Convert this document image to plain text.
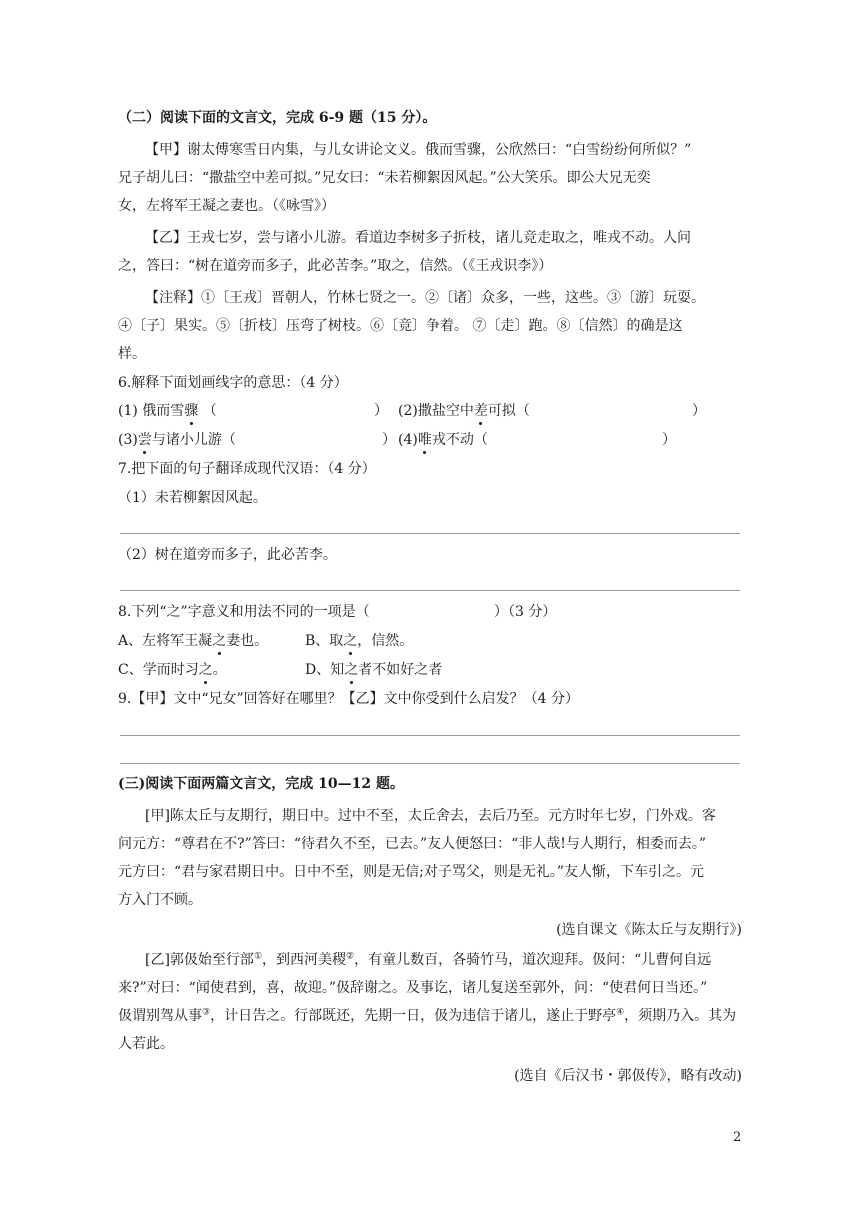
（二）阅读下面的文言文，完成 6-9 题（15 分）。
【甲】谢太傅寒雪日内集，与儿女讲论文义。俄而雪骤，公欣然曰：“白雪纷纷何所似？”
兄子胡儿曰：“撒盐空中差可拟。”兄女曰：“未若柳絮因风起。”公大笑乐。即公大兄无奕
女，左将军王凝之妻也。（《咏雪》）
【乙】王戎七岁，尝与诸小儿游。看道边李树多子折枝，诸儿竞走取之，唯戎不动。人问
之，答曰：“树在道旁而多子，此必苦李。”取之，信然。（《王戎识李》）
【注释】①〔王戎〕晋朝人，竹林七贤之一。②〔诸〕众多，一些，这些。③〔游〕玩耍。
④〔子〕果实。⑤〔折枝〕压弯了树枝。⑥〔竞〕争着。 ⑦〔走〕跑。⑧〔信然〕的确是这
样。
6.解释下面划画线字的意思：（4 分）
(1) 俄而雪骤 （	） (2)撒盐空中差可拟（	）
(3)尝与诸小儿游（	） (4)唯戎不动（	）
7.把下面的句子翻译成现代汉语：（4 分）
（1）未若柳絮因风起。
（2）树在道旁而多子，此必苦李。
8.下列“之”字意义和用法不同的一项是（	）（3 分）
A、左将军王凝之妻也。	B、取之，信然。
C、学而时习之。	D、知之者不如好之者
9.【甲】文中“兄女”回答好在哪里？【乙】文中你受到什么启发？（4 分）
(三)阅读下面两篇文言文，完成 10—12 题。
[甲]陈太丘与友期行，期日中。过中不至，太丘舍去，去后乃至。元方时年七岁，门外戏。客
问元方：“尊君在不?”答曰：“待君久不至，已去。”友人便怒曰：“非人哉!与人期行，相委而去。”
元方曰：“君与家君期日中。日中不至，则是无信;对子骂父，则是无礼。”友人惭，下车引之。元
方入门不顾。
(选自课文《陈太丘与友期行》)
[乙]郭伋始至行部①，到西河美稷②，有童儿数百，各骑竹马，道次迎拜。伋问：“儿曹何自远
来?”对曰：“闻使君到，喜，故迎。”伋辞谢之。及事讫，诸儿复送至郭外，问：“使君何日当还。”
伋谓别驾从事③，计日告之。行部既还，先期一日，伋为违信于诸儿，遂止于野亭④，须期乃入。其为
人若此。
(选自《后汉书・郭伋传》，略有改动)
2
